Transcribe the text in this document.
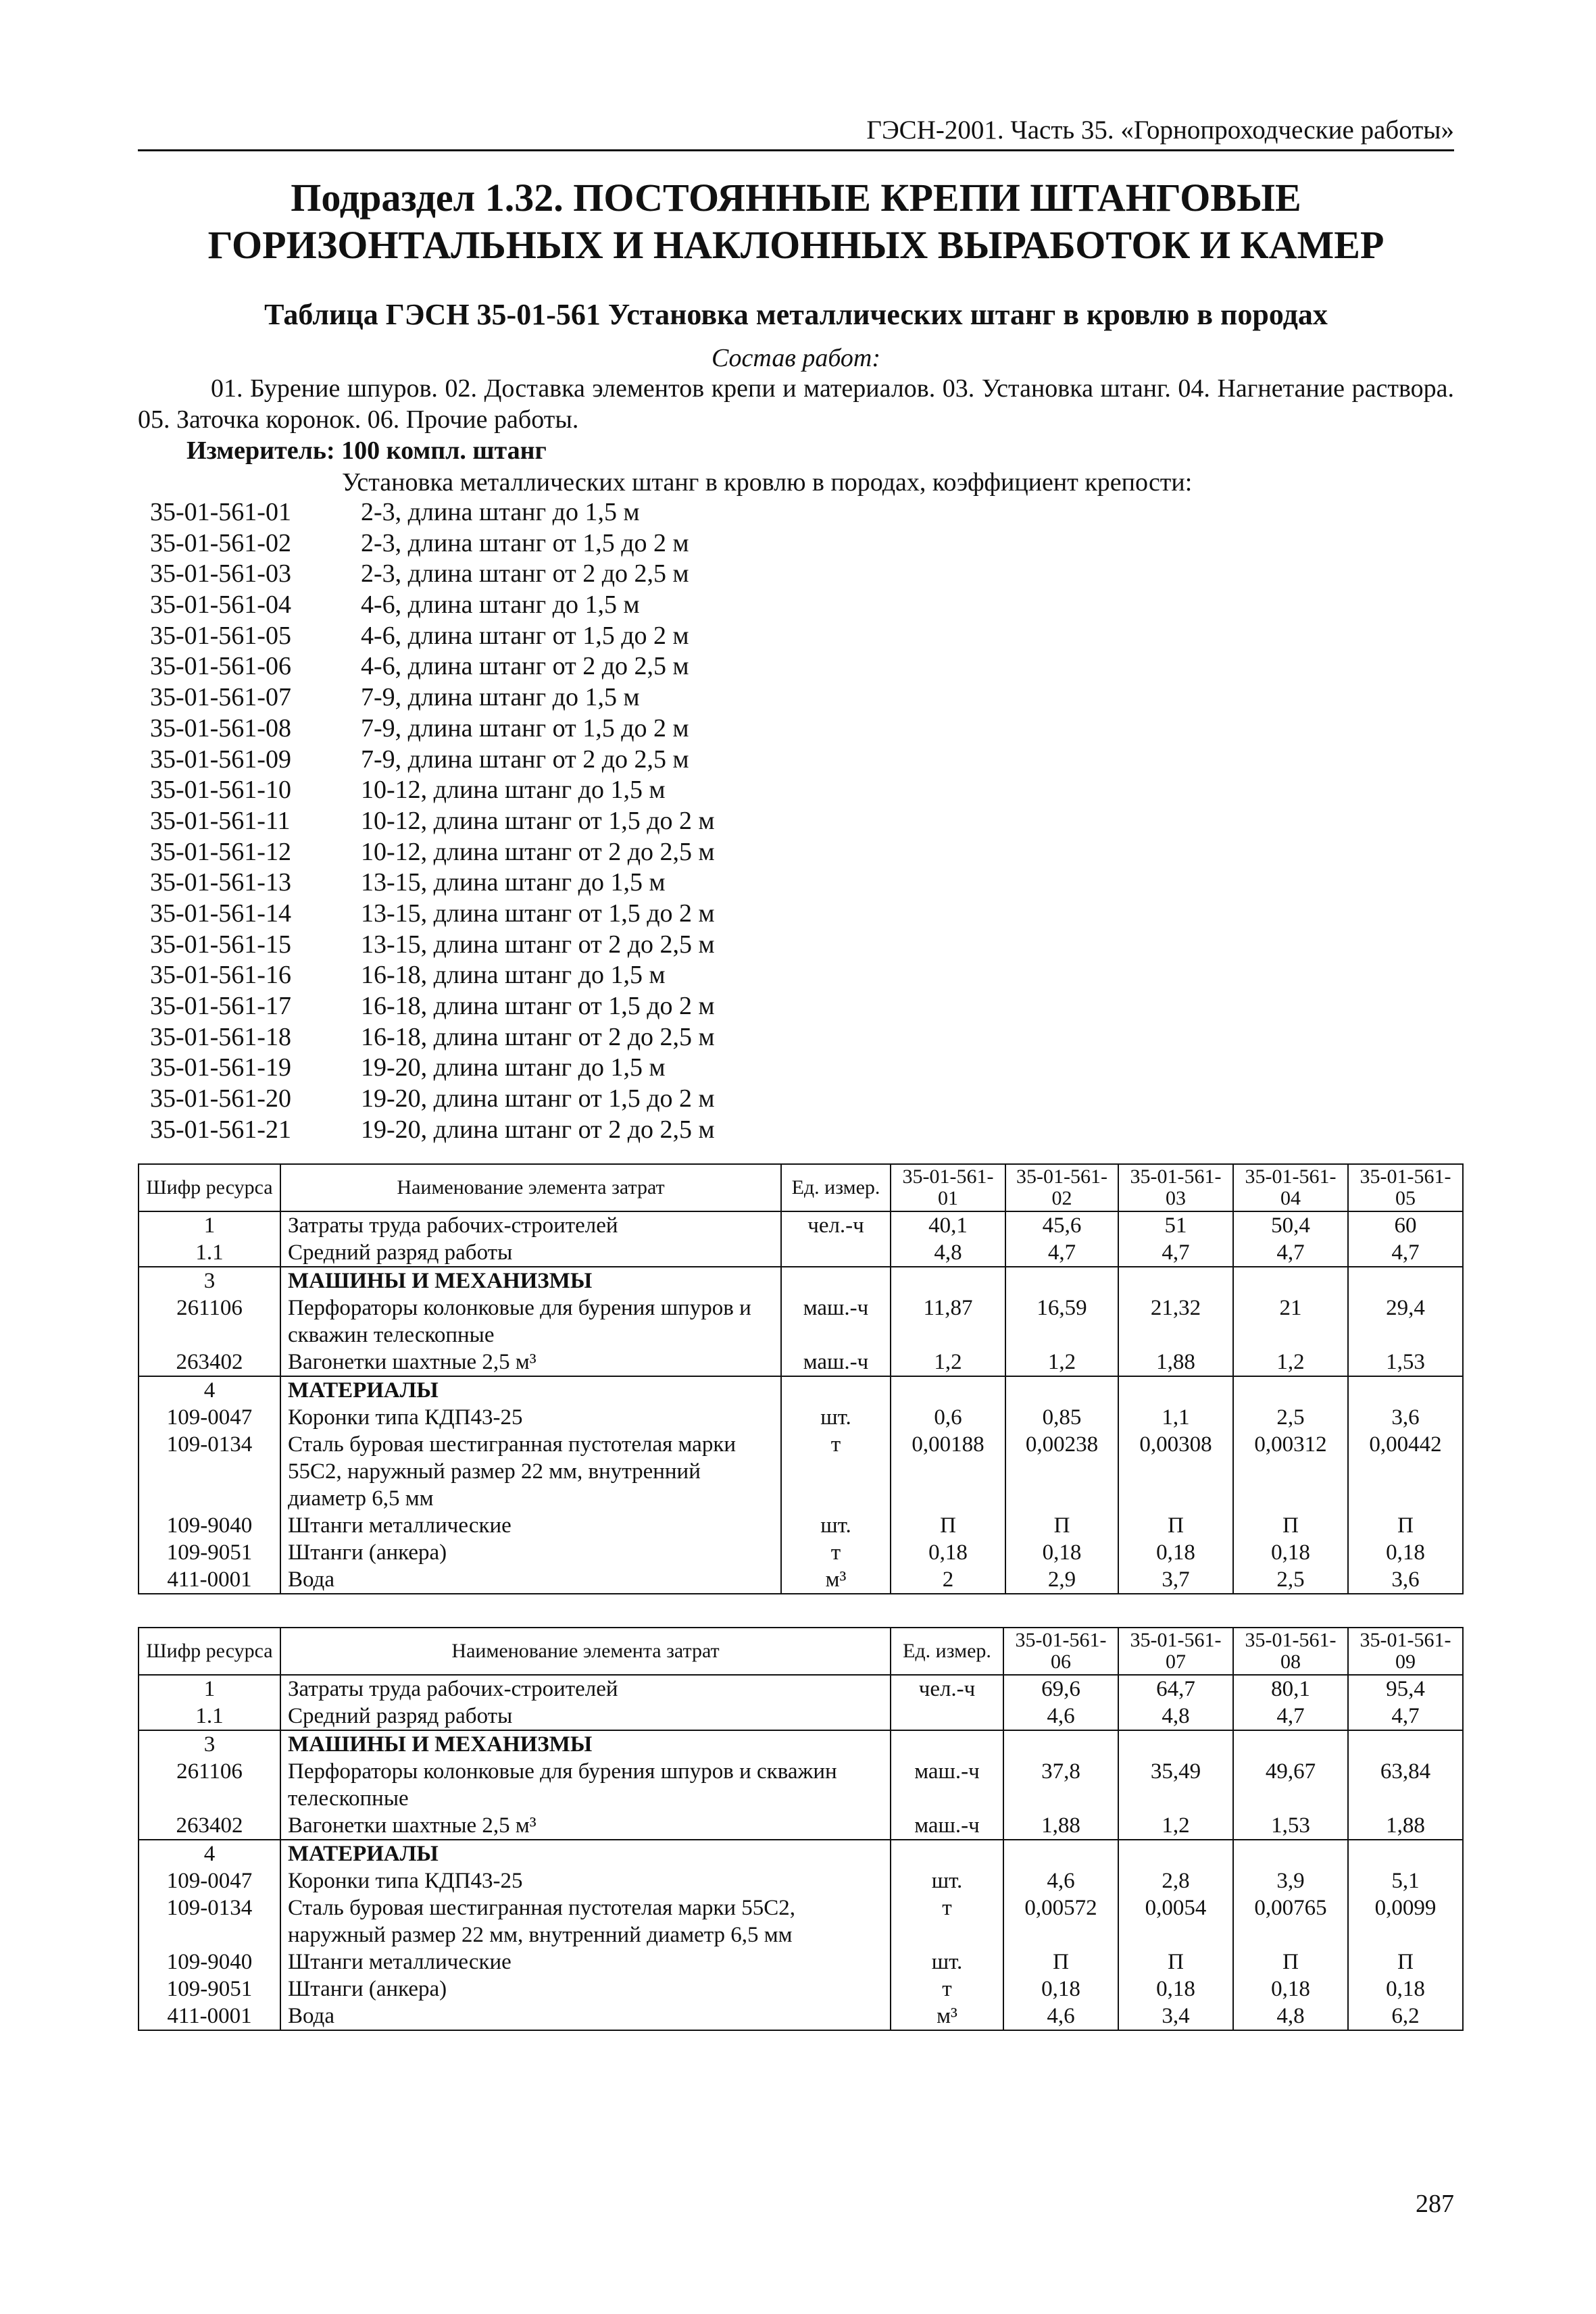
ГЭСН-2001. Часть 35. «Горнопроходческие работы»
Подраздел 1.32. ПОСТОЯННЫЕ КРЕПИ ШТАНГОВЫЕ
ГОРИЗОНТАЛЬНЫХ И НАКЛОННЫХ ВЫРАБОТОК И КАМЕР
Таблица ГЭСН 35-01-561 Установка металлических штанг в кровлю в породах
Состав работ:
01. Бурение шпуров. 02. Доставка элементов крепи и материалов. 03. Установка штанг. 04. Нагнетание раствора. 05. Заточка коронок. 06. Прочие работы.
Измеритель: 100 компл. штанг
Установка металлических штанг в кровлю в породах, коэффициент крепости:
35-01-561-01	2-3, длина штанг до 1,5 м
35-01-561-02	2-3, длина штанг от 1,5 до 2 м
35-01-561-03	2-3, длина штанг от 2 до 2,5 м
35-01-561-04	4-6, длина штанг до 1,5 м
35-01-561-05	4-6, длина штанг от 1,5 до 2 м
35-01-561-06	4-6, длина штанг от 2 до 2,5 м
35-01-561-07	7-9, длина штанг до 1,5 м
35-01-561-08	7-9, длина штанг от 1,5 до 2 м
35-01-561-09	7-9, длина штанг от 2 до 2,5 м
35-01-561-10	10-12, длина штанг до 1,5 м
35-01-561-11	10-12, длина штанг от 1,5 до 2 м
35-01-561-12	10-12, длина штанг от 2 до 2,5 м
35-01-561-13	13-15, длина штанг до 1,5 м
35-01-561-14	13-15, длина штанг от 1,5 до 2 м
35-01-561-15	13-15, длина штанг от 2 до 2,5 м
35-01-561-16	16-18, длина штанг до 1,5 м
35-01-561-17	16-18, длина штанг от 1,5 до 2 м
35-01-561-18	16-18, длина штанг от 2 до 2,5 м
35-01-561-19	19-20, длина штанг до 1,5 м
35-01-561-20	19-20, длина штанг от 1,5 до 2 м
35-01-561-21	19-20, длина штанг от 2 до 2,5 м
Шифр ресурса	Наименование элемента затрат	Ед. измер.	35-01-561-01	35-01-561-02	35-01-561-03	35-01-561-04	35-01-561-05
1	Затраты труда рабочих-строителей	чел.-ч	40,1	45,6	51	50,4	60
1.1	Средний разряд работы		4,8	4,7	4,7	4,7	4,7
3	МАШИНЫ И МЕХАНИЗМЫ						
261106	Перфораторы колонковые для бурения шпуров и скважин телескопные	маш.-ч	11,87	16,59	21,32	21	29,4
263402	Вагонетки шахтные 2,5 м³	маш.-ч	1,2	1,2	1,88	1,2	1,53
4	МАТЕРИАЛЫ						
109-0047	Коронки типа КДП43-25	шт.	0,6	0,85	1,1	2,5	3,6
109-0134	Сталь буровая шестигранная пустотелая марки 55С2, наружный размер 22 мм, внутренний диаметр 6,5 мм	т	0,00188	0,00238	0,00308	0,00312	0,00442
109-9040	Штанги металлические	шт.	П	П	П	П	П
109-9051	Штанги (анкера)	т	0,18	0,18	0,18	0,18	0,18
411-0001	Вода	м³	2	2,9	3,7	2,5	3,6
Шифр ресурса	Наименование элемента затрат	Ед. измер.	35-01-561-06	35-01-561-07	35-01-561-08	35-01-561-09
1	Затраты труда рабочих-строителей	чел.-ч	69,6	64,7	80,1	95,4
1.1	Средний разряд работы		4,6	4,8	4,7	4,7
3	МАШИНЫ И МЕХАНИЗМЫ					
261106	Перфораторы колонковые для бурения шпуров и скважин телескопные	маш.-ч	37,8	35,49	49,67	63,84
263402	Вагонетки шахтные 2,5 м³	маш.-ч	1,88	1,2	1,53	1,88
4	МАТЕРИАЛЫ					
109-0047	Коронки типа КДП43-25	шт.	4,6	2,8	3,9	5,1
109-0134	Сталь буровая шестигранная пустотелая марки 55С2, наружный размер 22 мм, внутренний диаметр 6,5 мм	т	0,00572	0,0054	0,00765	0,0099
109-9040	Штанги металлические	шт.	П	П	П	П
109-9051	Штанги (анкера)	т	0,18	0,18	0,18	0,18
411-0001	Вода	м³	4,6	3,4	4,8	6,2
287
